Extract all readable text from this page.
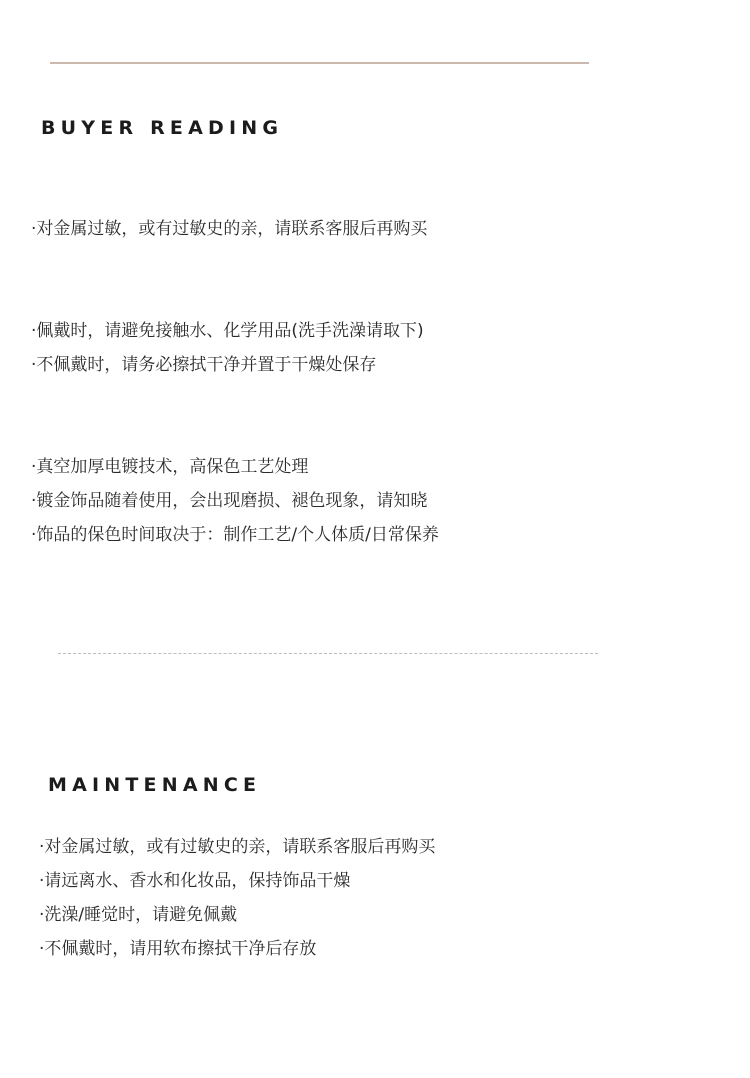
BUYER READING
·对金属过敏，或有过敏史的亲，请联系客服后再购买
·佩戴时，请避免接触水、化学用品(洗手洗澡请取下)
·不佩戴时，请务必擦拭干净并置于干燥处保存
·真空加厚电镀技术，高保色工艺处理
·镀金饰品随着使用，会出现磨损、褪色现象，请知晓
·饰品的保色时间取决于：制作工艺/个人体质/日常保养
MAINTENANCE
·对金属过敏，或有过敏史的亲，请联系客服后再购买
·请远离水、香水和化妆品，保持饰品干燥
·洗澡/睡觉时，请避免佩戴
·不佩戴时，请用软布擦拭干净后存放
